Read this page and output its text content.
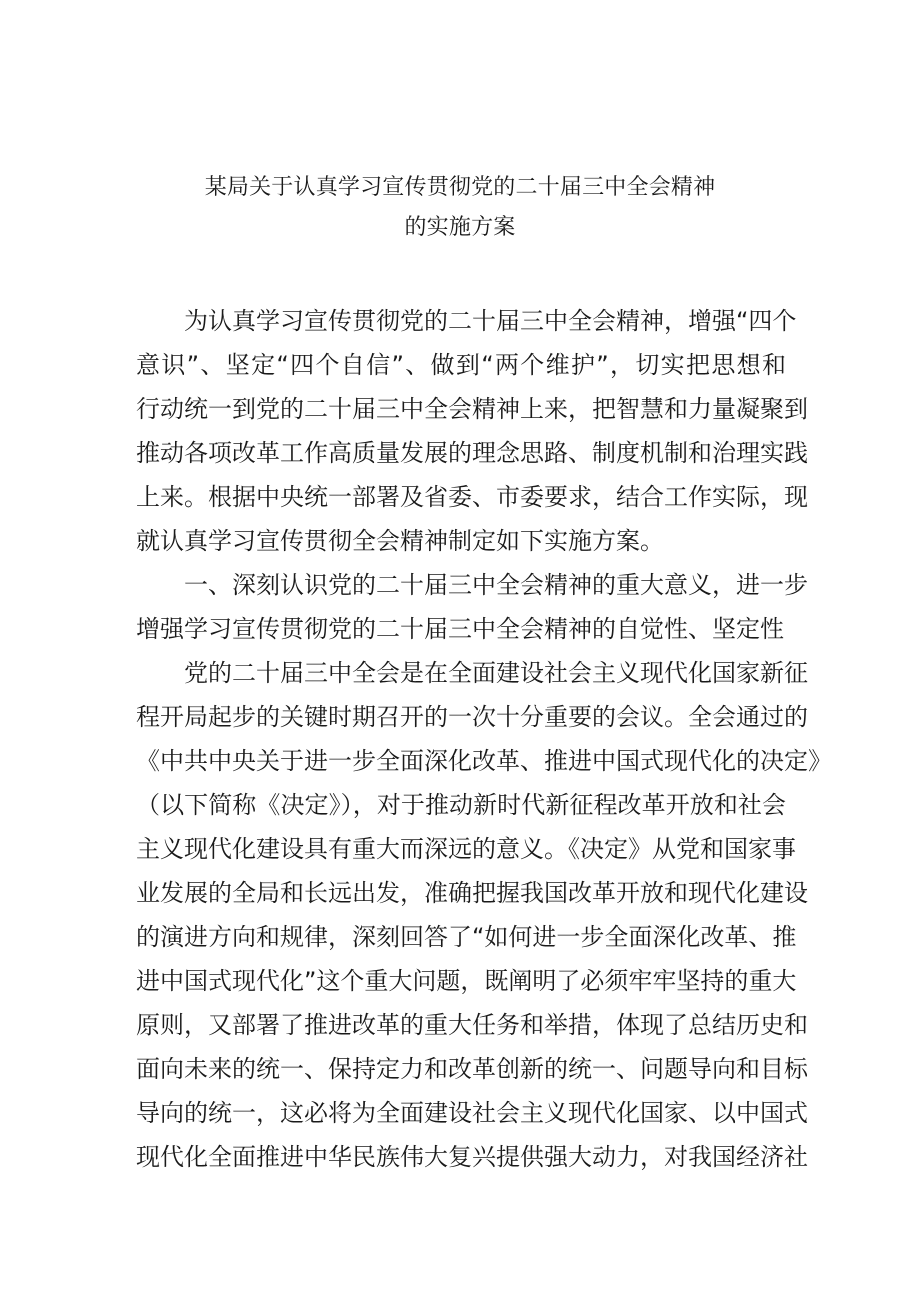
某局关于认真学习宣传贯彻党的二十届三中全会精神
的实施方案
为认真学习宣传贯彻党的二十届三中全会精神，增强“四个
意识”、坚定“四个自信”、做到“两个维护”，切实把思想和
行动统一到党的二十届三中全会精神上来，把智慧和力量凝聚到
推动各项改革工作高质量发展的理念思路、制度机制和治理实践
上来。根据中央统一部署及省委、市委要求，结合工作实际，现
就认真学习宣传贯彻全会精神制定如下实施方案。
一、深刻认识党的二十届三中全会精神的重大意义，进一步
增强学习宣传贯彻党的二十届三中全会精神的自觉性、坚定性
党的二十届三中全会是在全面建设社会主义现代化国家新征
程开局起步的关键时期召开的一次十分重要的会议。全会通过的
《中共中央关于进一步全面深化改革、推进中国式现代化的决定》
（以下简称《决定》），对于推动新时代新征程改革开放和社会
主义现代化建设具有重大而深远的意义。《决定》从党和国家事
业发展的全局和长远出发，准确把握我国改革开放和现代化建设
的演进方向和规律，深刻回答了“如何进一步全面深化改革、推
进中国式现代化”这个重大问题，既阐明了必须牢牢坚持的重大
原则，又部署了推进改革的重大任务和举措，体现了总结历史和
面向未来的统一、保持定力和改革创新的统一、问题导向和目标
导向的统一，这必将为全面建设社会主义现代化国家、以中国式
现代化全面推进中华民族伟大复兴提供强大动力，对我国经济社
